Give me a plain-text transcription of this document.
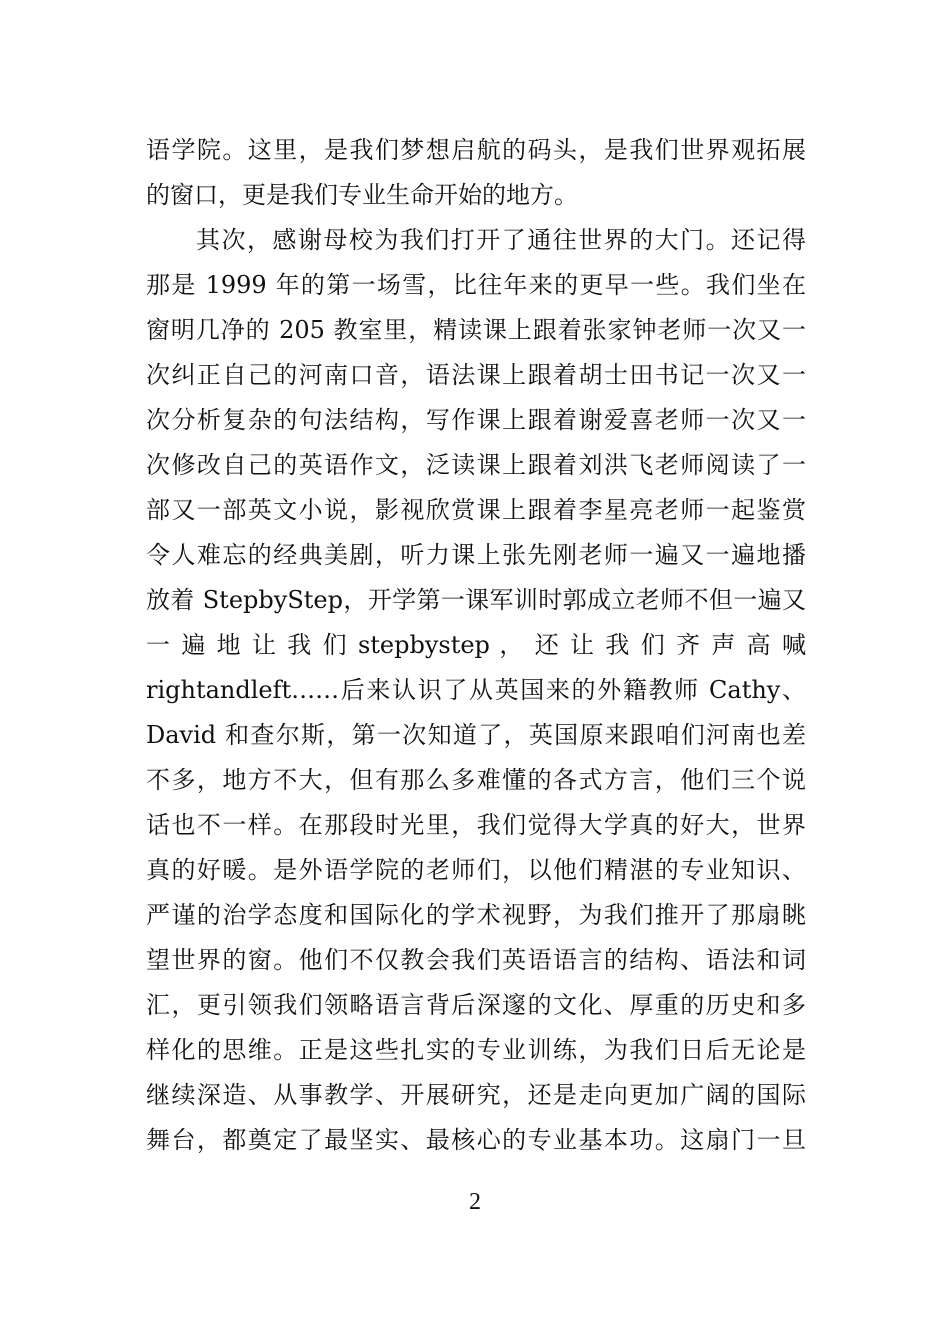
语学院。这里，是我们梦想启航的码头，是我们世界观拓展
的窗口，更是我们专业生命开始的地方。
其次，感谢母校为我们打开了通往世界的大门。还记得
那是 1999 年的第一场雪，比往年来的更早一些。我们坐在
窗明几净的 205 教室里，精读课上跟着张家钟老师一次又一
次纠正自己的河南口音，语法课上跟着胡士田书记一次又一
次分析复杂的句法结构，写作课上跟着谢爱喜老师一次又一
次修改自己的英语作文，泛读课上跟着刘洪飞老师阅读了一
部又一部英文小说，影视欣赏课上跟着李星亮老师一起鉴赏
令人难忘的经典美剧，听力课上张先刚老师一遍又一遍地播
放着 StepbyStep，开学第一课军训时郭成立老师不但一遍又
一 遍 地 让 我 们 stepbystep ， 还 让 我 们 齐 声 高 喊
rightandleft……后来认识了从英国来的外籍教师 Cathy、
David 和查尔斯，第一次知道了，英国原来跟咱们河南也差
不多，地方不大，但有那么多难懂的各式方言，他们三个说
话也不一样。在那段时光里，我们觉得大学真的好大，世界
真的好暖。是外语学院的老师们，以他们精湛的专业知识、
严谨的治学态度和国际化的学术视野，为我们推开了那扇眺
望世界的窗。他们不仅教会我们英语语言的结构、语法和词
汇，更引领我们领略语言背后深邃的文化、厚重的历史和多
样化的思维。正是这些扎实的专业训练，为我们日后无论是
继续深造、从事教学、开展研究，还是走向更加广阔的国际
舞台，都奠定了最坚实、最核心的专业基本功。这扇门一旦
2
